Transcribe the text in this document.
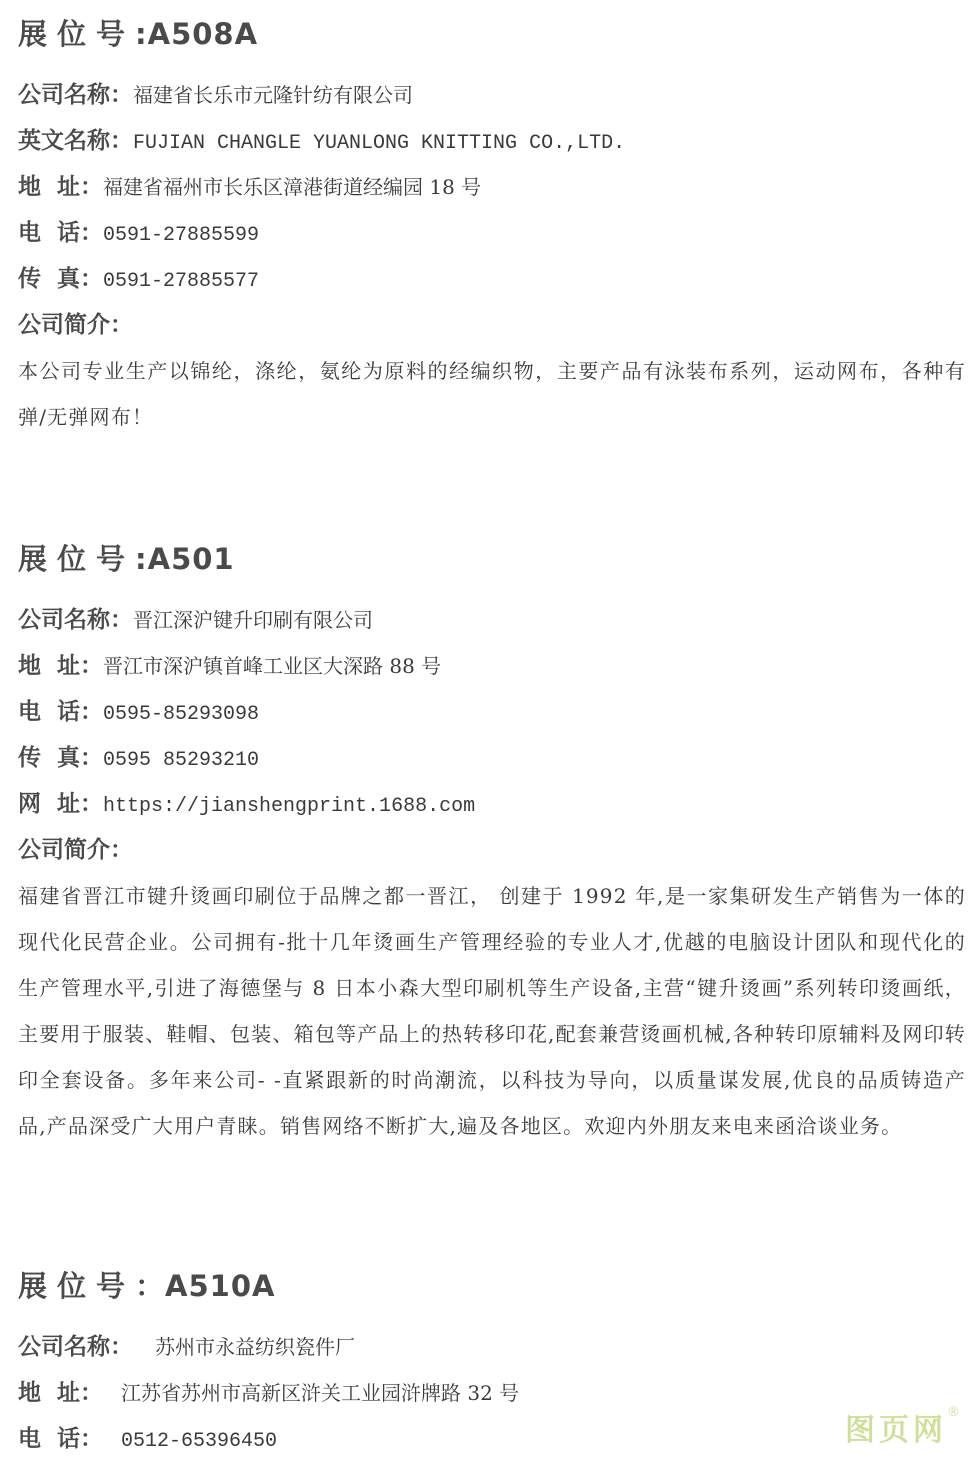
展位号:A508A
公司名称：福建省长乐市元隆针纺有限公司
英文名称：FUJIAN CHANGLE YUANLONG KNITTING CO.,LTD.
地  址：福建省福州市长乐区漳港街道经编园 18 号
电  话：0591-27885599
传  真：0591-27885577
公司简介：
本公司专业生产以锦纶，涤纶，氨纶为原料的经编织物，主要产品有泳装布系列，运动网布，各种有弹/无弹网布！
展位号:A501
公司名称：晋江深沪键升印刷有限公司
地  址：晋江市深沪镇首峰工业区大深路 88 号
电  话：0595-85293098
传  真：0595 85293210
网  址：https://jianshengprint.1688.com
公司简介：
福建省晋江市键升烫画印刷位于品牌之都一晋江， 创建于 1992 年,是一家集研发生产销售为一体的现代化民营企业。公司拥有-批十几年烫画生产管理经验的专业人才,优越的电脑设计团队和现代化的生产管理水平,引进了海德堡与 8 日本小森大型印刷机等生产设备,主营“键升烫画”系列转印烫画纸，主要用于服装、鞋帽、包装、箱包等产品上的热转移印花,配套兼营烫画机械,各种转印原辅料及网印转印全套设备。多年来公司- -直紧跟新的时尚潮流，以科技为导向，以质量谋发展,优良的品质铸造产品,产品深受广大用户青睐。销售网络不断扩大,遍及各地区。欢迎内外朋友来电来函洽谈业务。
展位号：A510A
公司名称： 苏州市永益纺织瓷件厂
地  址： 江苏省苏州市高新区浒关工业园浒牌路 32 号
电  话： 0512-65396450	图页网®
